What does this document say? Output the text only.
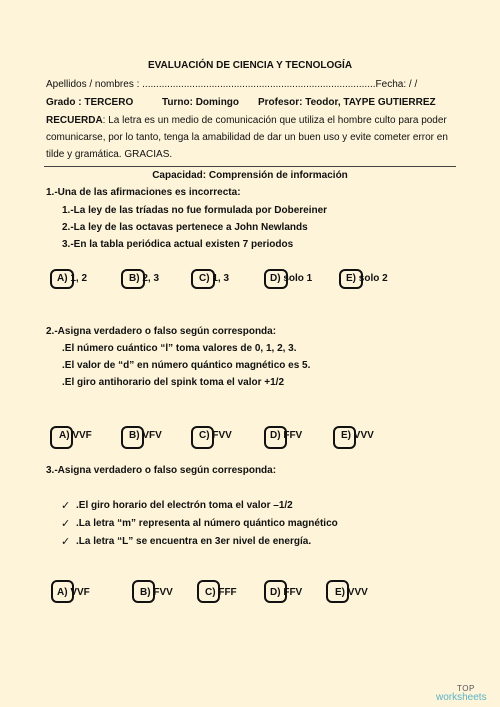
EVALUACIÓN DE CIENCIA Y TECNOLOGÍA
Apellidos / nombres : ....................................................................................Fecha: / /
Grado : TERCERO	Turno: Domingo Profesor: Teodor, TAYPE GUTIERREZ
RECUERDA: La letra es un medio de comunicación que utiliza el hombre culto para poder
comunicarse, por lo tanto, tenga la amabilidad de dar un buen uso y evite cometer error en
tilde y gramática. GRACIAS.
Capacidad: Comprensión de información
1.-Una de las afirmaciones es incorrecta:
1.-La ley de las tríadas no fue formulada por Dobereiner
2.-La ley de las octavas pertenece a John Newlands
3.-En la tabla periódica actual existen 7 periodos
A) 1, 2	B) 2, 3	C) 1, 3	D) solo 1	E) solo 2
2.-Asigna verdadero o falso según corresponda:
.El número cuántico “l” toma valores de 0, 1, 2, 3.
.El valor de “d” en número quántico magnético es 5.
.El giro antihorario del spink toma el valor +1/2
A) VVF	B) VFV	C) FVV	D) FFV	E) VVV
3.-Asigna verdadero o falso según corresponda:
✓ .El giro horario del electrón toma el valor –1/2
✓ .La letra “m” representa al número quántico magnético
✓ .La letra “L” se encuentra en 3er nivel de energía.
A) VVF	B) FVV	C) FFF	D) FFV	E) VVV
TOP
worksheets
